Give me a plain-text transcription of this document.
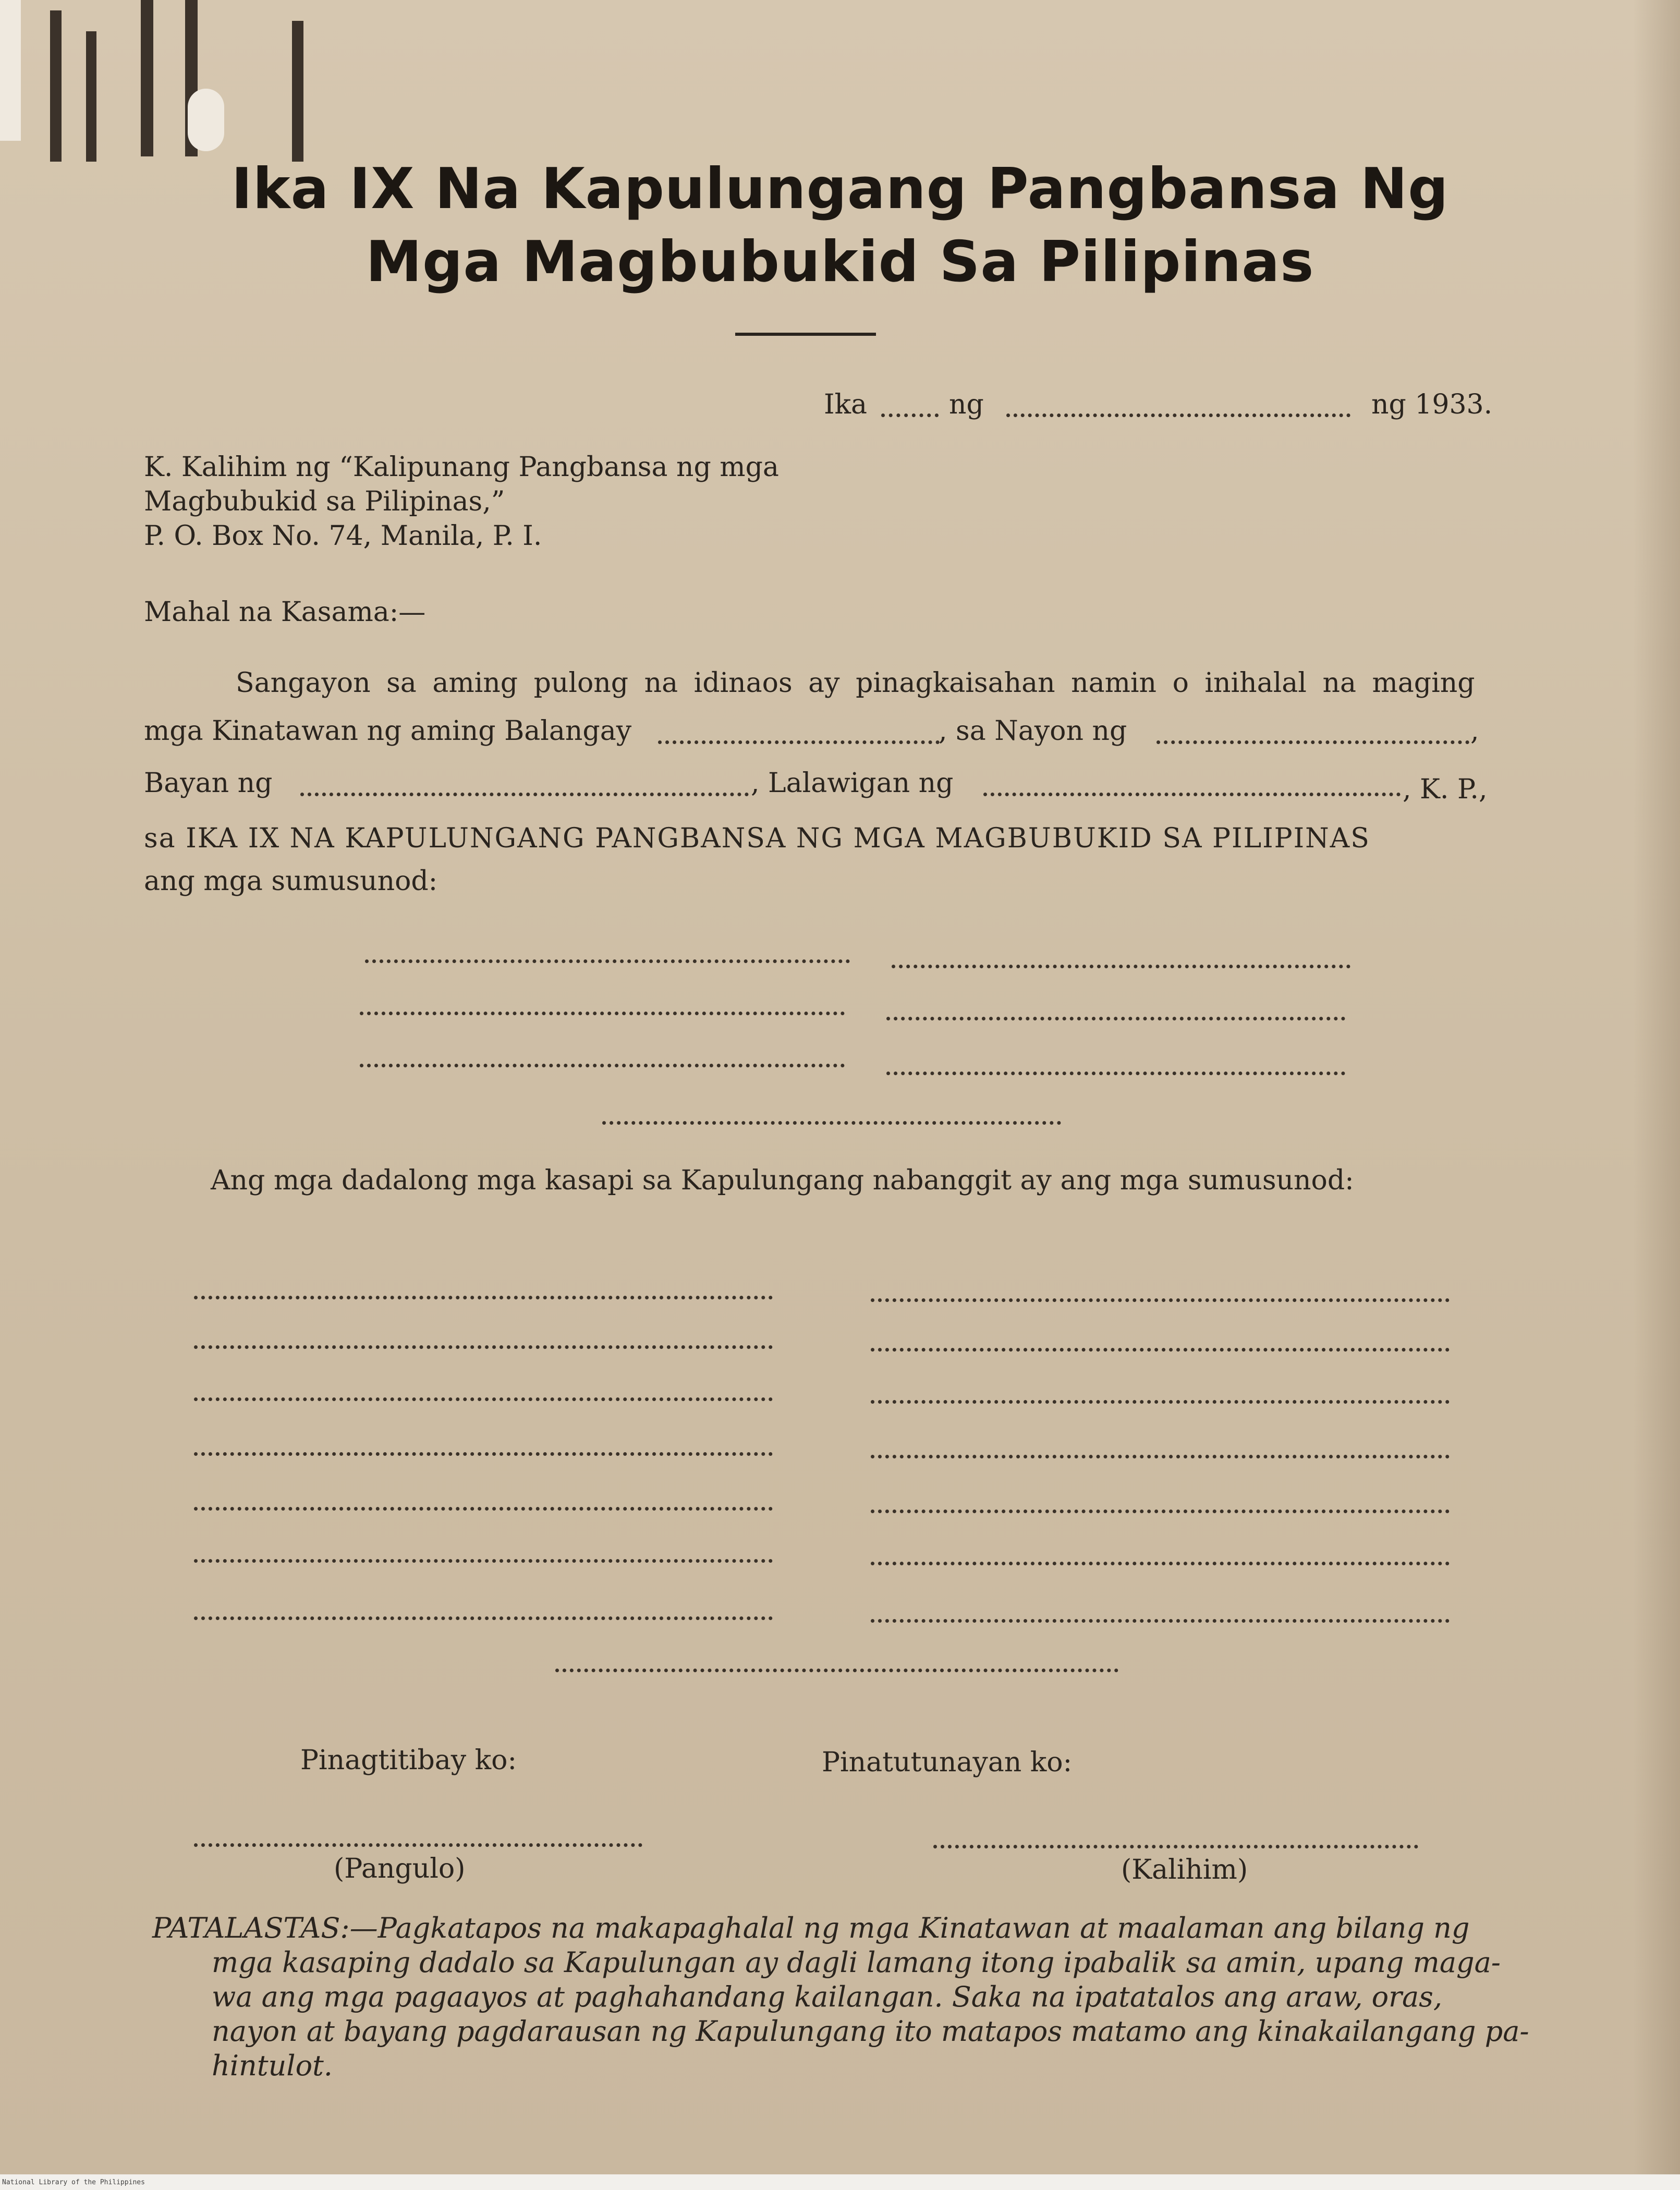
Ika IX Na Kapulungang Pangbansa Ng
Mga Magbubukid Sa Pilipinas
Ika	ng	ng 1933.
K. Kalihim ng “Kalipunang Pangbansa ng mga
Magbubukid sa Pilipinas,”
P. O. Box No. 74, Manila, P. I.
Mahal na Kasama:—
Sangayon sa aming pulong na idinaos ay pinagkaisahan namin o inihalal na maging
mga Kinatawan ng aming Balangay	, sa Nayon ng	,
Bayan ng	, Lalawigan ng	, K. P.,
sa IKA IX NA KAPULUNGANG PANGBANSA NG MGA MAGBUBUKID SA PILIPINAS
ang mga sumusunod:
Ang mga dadalong mga kasapi sa Kapulungang nabanggit ay ang mga sumusunod:
Pinagtitibay ko:	Pinatutunayan ko:
(Pangulo)	(Kalihim)
PATALASTAS:—Pagkatapos na makapaghalal ng mga Kinatawan at maalaman ang bilang ng
mga kasaping dadalo sa Kapulungan ay dagli lamang itong ipabalik sa amin, upang maga-
wa ang mga pagaayos at paghahandang kailangan. Saka na ipatatalos ang araw, oras,
nayon at bayang pagdarausan ng Kapulungang ito matapos matamo ang kinakailangang pa-
hintulot.
National Library of the Philippines
